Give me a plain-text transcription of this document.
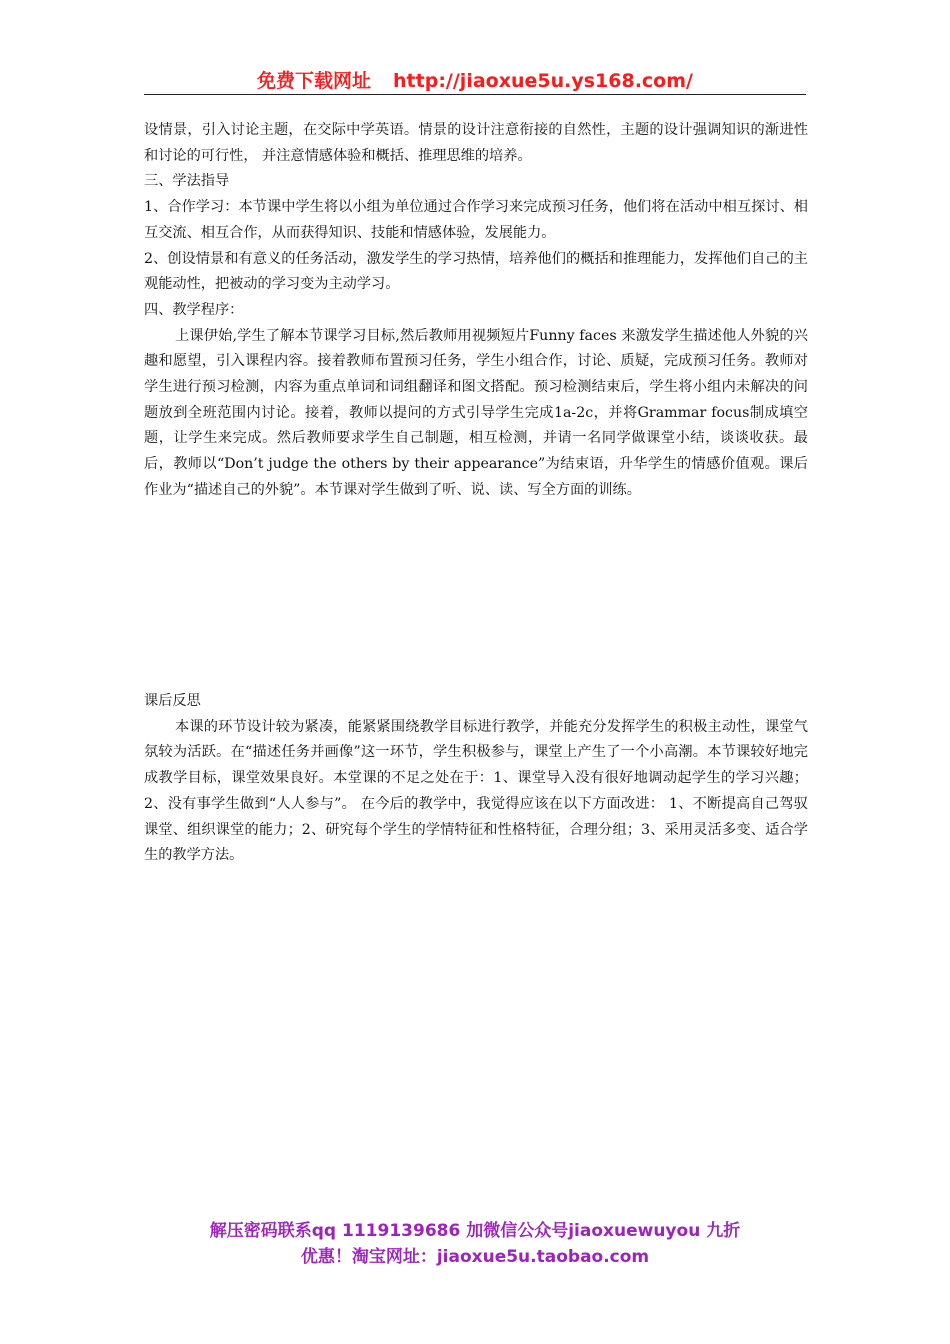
免费下载网址 http://jiaoxue5u.ys168.com/

设情景，引入讨论主题，在交际中学英语。情景的设计注意衔接的自然性，主题的设计强调知识的渐进性和讨论的可行性， 并注意情感体验和概括、推理思维的培养。

三、学法指导

1、合作学习：本节课中学生将以小组为单位通过合作学习来完成预习任务，他们将在活动中相互探讨、相互交流、相互合作，从而获得知识、技能和情感体验，发展能力。

2、创设情景和有意义的任务活动，激发学生的学习热情，培养他们的概括和推理能力，发挥他们自己的主观能动性，把被动的学习变为主动学习。

四、教学程序：

上课伊始,学生了解本节课学习目标,然后教师用视频短片Funny faces 来激发学生描述他人外貌的兴趣和愿望，引入课程内容。接着教师布置预习任务，学生小组合作，讨论、质疑，完成预习任务。教师对学生进行预习检测，内容为重点单词和词组翻译和图文搭配。预习检测结束后，学生将小组内未解决的问题放到全班范围内讨论。接着，教师以提问的方式引导学生完成1a-2c，并将Grammar focus制成填空题，让学生来完成。然后教师要求学生自己制题，相互检测，并请一名同学做课堂小结，谈谈收获。最后，教师以“Don’t judge the others by their appearance”为结束语，升华学生的情感价值观。课后作业为“描述自己的外貌”。本节课对学生做到了听、说、读、写全方面的训练。

课后反思

本课的环节设计较为紧凑，能紧紧围绕教学目标进行教学，并能充分发挥学生的积极主动性，课堂气氛较为活跃。在“描述任务并画像”这一环节，学生积极参与，课堂上产生了一个小高潮。本节课较好地完成教学目标，课堂效果良好。本堂课的不足之处在于：1、课堂导入没有很好地调动起学生的学习兴趣；2、没有事学生做到“人人参与”。 在今后的教学中，我觉得应该在以下方面改进： 1、不断提高自己驾驭课堂、组织课堂的能力；2、研究每个学生的学情特征和性格特征，合理分组；3、采用灵活多变、适合学生的教学方法。

解压密码联系qq 1119139686 加微信公众号jiaoxuewuyou 九折
优惠！淘宝网址：jiaoxue5u.taobao.com
